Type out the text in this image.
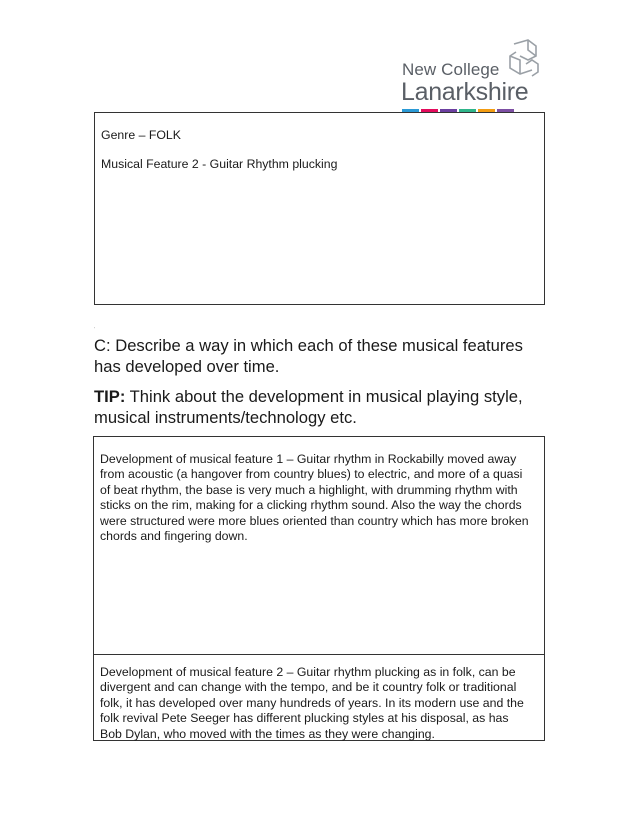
New College
Lanarkshire
Genre – FOLK
Musical Feature 2 - Guitar Rhythm plucking
'
C: Describe a way in which each of these musical features
has developed over time.
TIP: Think about the development in musical playing style,
musical instruments/technology etc.
Development of musical feature 1 – Guitar rhythm in Rockabilly moved away
from acoustic (a hangover from country blues) to electric, and more of a quasi
of beat rhythm, the base is very much a highlight, with drumming rhythm with
sticks on the rim, making for a clicking rhythm sound. Also the way the chords
were structured were more blues oriented than country which has more broken
chords and fingering down.
Development of musical feature 2 – Guitar rhythm plucking as in folk, can be
divergent and can change with the tempo, and be it country folk or traditional
folk, it has developed over many hundreds of years. In its modern use and the
folk revival Pete Seeger has different plucking styles at his disposal, as has
Bob Dylan, who moved with the times as they were changing.
